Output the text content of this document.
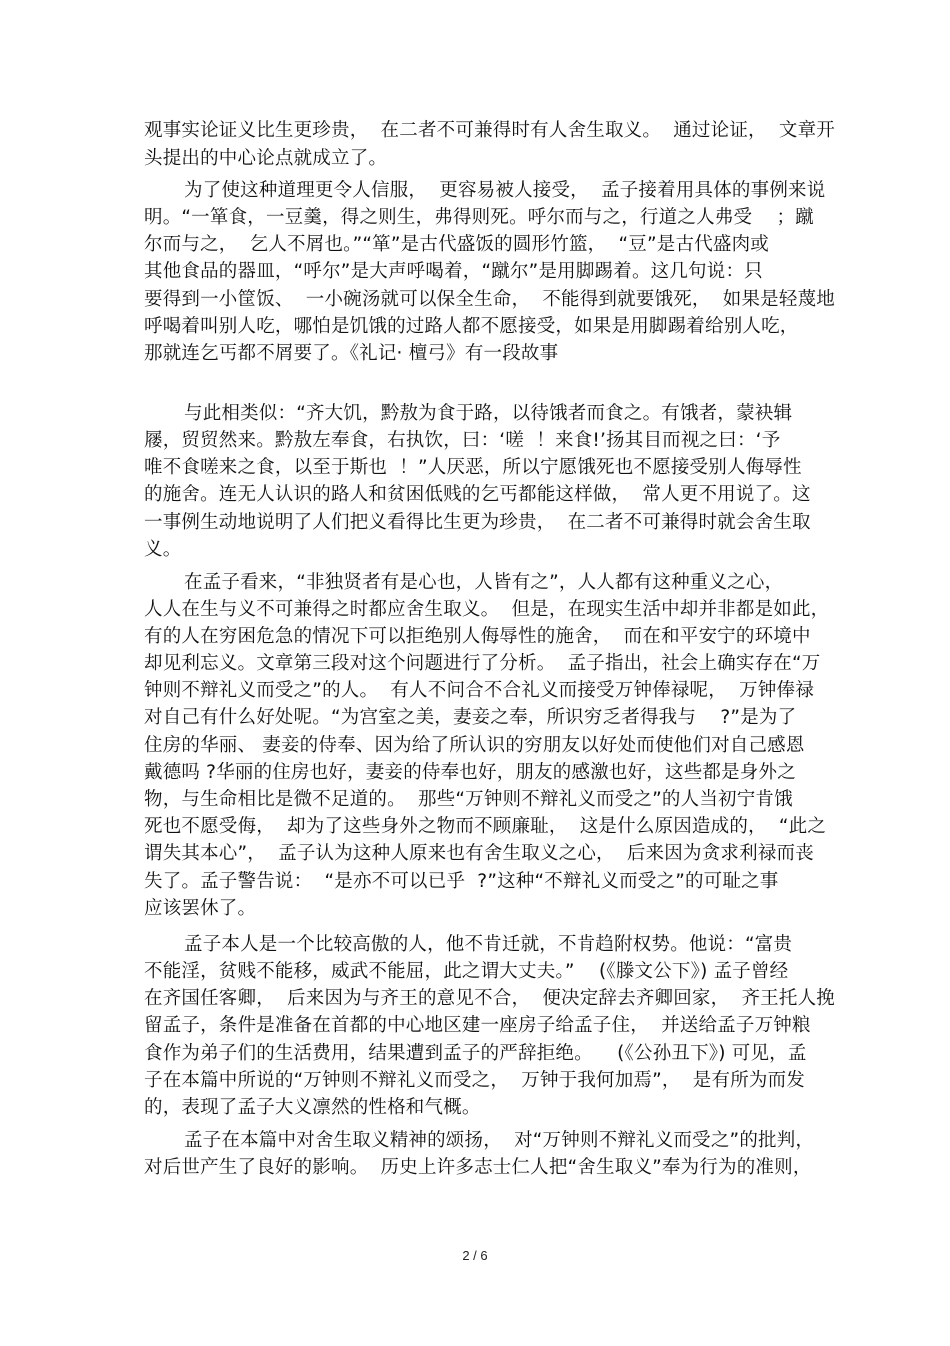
观事实论证义比生更珍贵，  在二者不可兼得时有人舍生取义。  通过论证，  文章开
头提出的中心论点就成立了。
为了使这种道理更令人信服，  更容易被人接受，  孟子接着用具体的事例来说
明。“一箪食，一豆羹，得之则生，弗得则死。呼尔而与之，行道之人弗受    ；蹴
尔而与之，  乞人不屑也。”“箪”是古代盛饭的圆形竹篮，  “豆”是古代盛肉或
其他食品的器皿，“呼尔”是大声呼喝着，“蹴尔”是用脚踢着。这几句说：只
要得到一小筐饭、  一小碗汤就可以保全生命，  不能得到就要饿死，  如果是轻蔑地
呼喝着叫别人吃，哪怕是饥饿的过路人都不愿接受，如果是用脚踢着给别人吃，
那就连乞丐都不屑要了。《礼记· 檀弓》有一段故事
与此相类似：“齐大饥，黔敖为食于路，以待饿者而食之。有饿者，蒙袂辑
屦，贸贸然来。黔敖左奉食，右执饮，曰：‘嗟  ！来食!’扬其目而视之曰：‘予
唯不食嗟来之食，以至于斯也  ！”人厌恶，所以宁愿饿死也不愿接受别人侮辱性
的施舍。连无人认识的路人和贫困低贱的乞丐都能这样做，  常人更不用说了。这
一事例生动地说明了人们把义看得比生更为珍贵，  在二者不可兼得时就会舍生取
义。
在孟子看来，“非独贤者有是心也，人皆有之”，人人都有这种重义之心，
人人在生与义不可兼得之时都应舍生取义。  但是，在现实生活中却并非都是如此，
有的人在穷困危急的情况下可以拒绝别人侮辱性的施舍，  而在和平安宁的环境中
却见利忘义。文章第三段对这个问题进行了分析。  孟子指出，社会上确实存在“万
钟则不辩礼义而受之”的人。  有人不问合不合礼义而接受万钟俸禄呢，  万钟俸禄
对自己有什么好处呢。“为宫室之美，妻妾之奉，所识穷乏者得我与    ?”是为了
住房的华丽、 妻妾的侍奉、因为给了所认识的穷朋友以好处而使他们对自己感恩
戴德吗 ?华丽的住房也好，妻妾的侍奉也好，朋友的感激也好，这些都是身外之
物，与生命相比是微不足道的。  那些“万钟则不辩礼义而受之”的人当初宁肯饿
死也不愿受侮，  却为了这些身外之物而不顾廉耻，  这是什么原因造成的，  “此之
谓失其本心”，  孟子认为这种人原来也有舍生取义之心，  后来因为贪求利禄而丧
失了。孟子警告说：  “是亦不可以已乎  ?”这种“不辩礼义而受之”的可耻之事
应该罢休了。
孟子本人是一个比较高傲的人，他不肯迁就，不肯趋附权势。他说：“富贵
不能淫，贫贱不能移，威武不能屈，此之谓大丈夫。”    (《滕文公下》) 孟子曾经
在齐国任客卿，  后来因为与齐王的意见不合，  便决定辞去齐卿回家，  齐王托人挽
留孟子，条件是准备在首都的中心地区建一座房子给孟子住，  并送给孟子万钟粮
食作为弟子们的生活费用，结果遭到孟子的严辞拒绝。    (《公孙丑下》) 可见，孟
子在本篇中所说的“万钟则不辩礼义而受之，  万钟于我何加焉”，  是有所为而发
的，表现了孟子大义凛然的性格和气概。
孟子在本篇中对舍生取义精神的颂扬，  对“万钟则不辩礼义而受之”的批判，
对后世产生了良好的影响。  历史上许多志士仁人把“舍生取义”奉为行为的准则，
2 / 6
